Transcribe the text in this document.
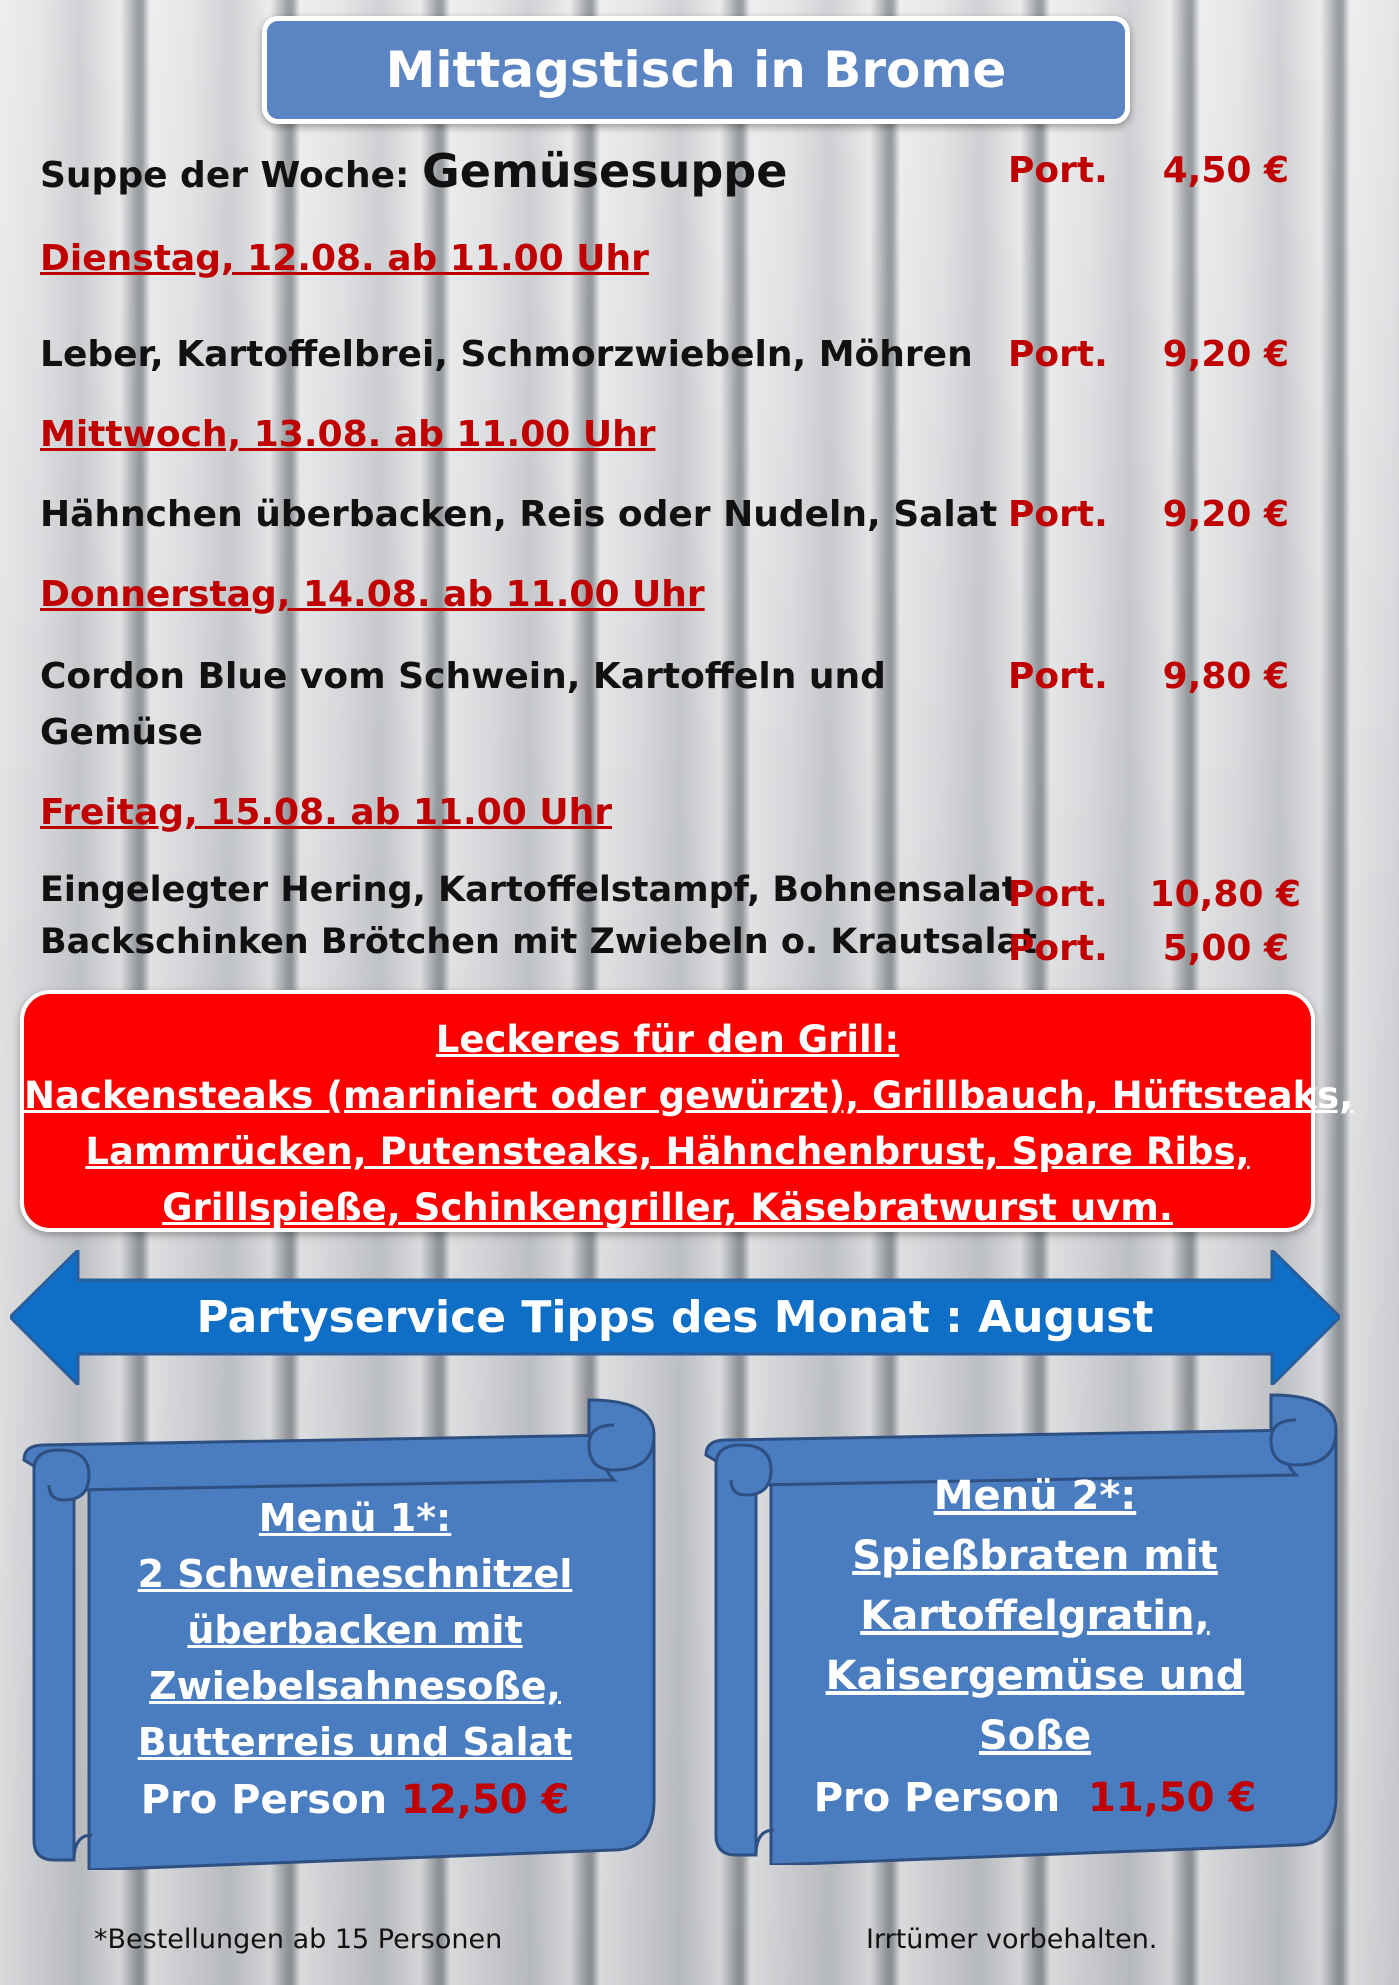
Mittagstisch in Brome
Suppe der Woche: Gemüsesuppe	Port. 4,50 €
Dienstag, 12.08. ab 11.00 Uhr
Leber, Kartoffelbrei, Schmorzwiebeln, Möhren Port. 9,20 €
Mittwoch, 13.08. ab 11.00 Uhr
Hähnchen überbacken, Reis oder Nudeln, Salat Port. 9,20 €
Donnerstag, 14.08. ab 11.00 Uhr
Cordon Blue vom Schwein, Kartoffeln und
Gemüse
Port. 9,80 €
Freitag, 15.08. ab 11.00 Uhr
Eingelegter Hering, Kartoffelstampf, Bohnensalat
Port. 10,80 €
Backschinken Brötchen mit Zwiebeln o. Krautsalat
Port. 5,00 €
Leckeres für den Grill:
Nackensteaks (mariniert oder gewürzt), Grillbauch, Hüftsteaks,
Lammrücken, Putensteaks, Hähnchenbrust, Spare Ribs,
Grillspieße, Schinkengriller, Käsebratwurst uvm.
Partyservice Tipps des Monat : August
Menü 1*:
2 Schweineschnitzel
überbacken mit
Zwiebelsahnesoße,
Butterreis und Salat
Pro Person 12,50 €
Menü 2*:
Spießbraten mit
Kartoffelgratin,
Kaisergemüse und
Soße
Pro Person 11,50 €
*Bestellungen ab 15 Personen	Irrtümer vorbehalten.
